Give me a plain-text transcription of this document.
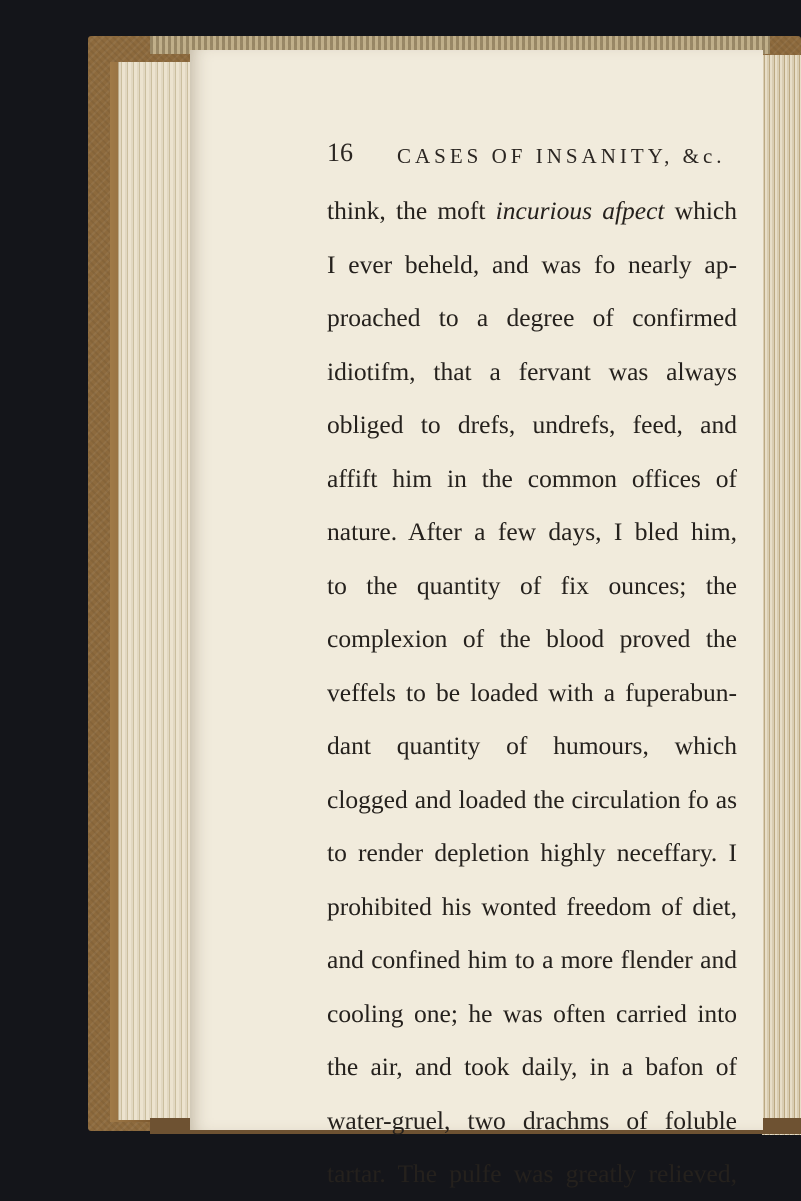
16 CASES OF INSANITY, &c.
think, the moft incurious afpect which
I ever beheld, and was fo nearly ap-
proached to a degree of confirmed
idiotifm, that a fervant was always
obliged to drefs, undrefs, feed, and
affift him in the common offices of
nature. After a few days, I bled him,
to the quantity of fix ounces; the
complexion of the blood proved the
veffels to be loaded with a fuperabun-
dant quantity of humours, which
clogged and loaded the circulation fo as
to render depletion highly neceffary. I
prohibited his wonted freedom of diet,
and confined him to a more flender and
cooling one; he was often carried into
the air, and took daily, in a bafon of
water-gruel, two drachms of foluble
tartar. The pulfe was greatly relieved,
